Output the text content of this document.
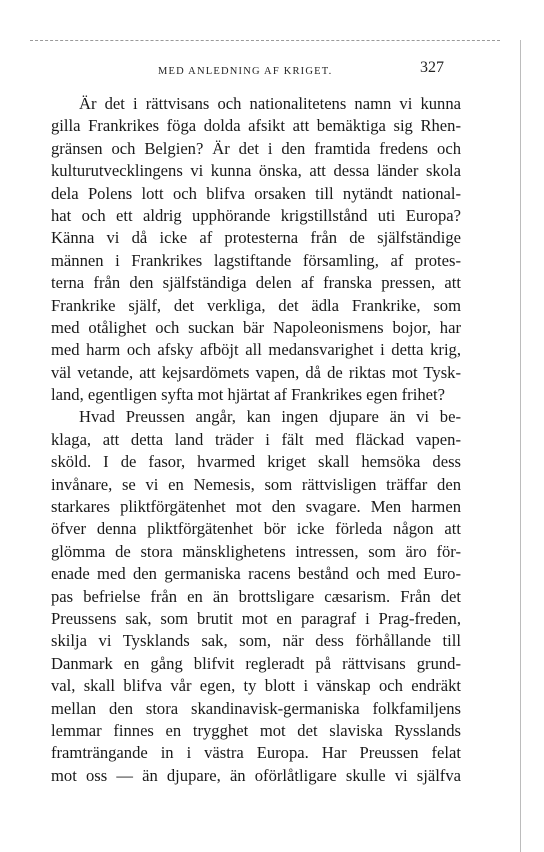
MED ANLEDNING AF KRIGET.	327
Är det i rättvisans och nationalitetens namn vi kunna
gilla Frankrikes föga dolda afsikt att bemäktiga sig Rhen-
gränsen och Belgien? Är det i den framtida fredens och
kulturutvecklingens vi kunna önska, att dessa länder skola
dela Polens lott och blifva orsaken till nytändt national-
hat och ett aldrig upphörande krigstillstånd uti Europa?
Känna vi då icke af protesterna från de själfständige
männen i Frankrikes lagstiftande församling, af protes-
terna från den själfständiga delen af franska pressen, att
Frankrike själf, det verkliga, det ädla Frankrike, som
med otålighet och suckan bär Napoleonismens bojor, har
med harm och afsky afböjt all medansvarighet i detta krig,
väl vetande, att kejsardömets vapen, då de riktas mot Tysk-
land, egentligen syfta mot hjärtat af Frankrikes egen frihet?
Hvad Preussen angår, kan ingen djupare än vi be-
klaga, att detta land träder i fält med fläckad vapen-
sköld. I de fasor, hvarmed kriget skall hemsöka dess
invånare, se vi en Nemesis, som rättvisligen träffar den
starkares pliktförgätenhet mot den svagare. Men harmen
öfver denna pliktförgätenhet bör icke förleda någon att
glömma de stora mänsklighetens intressen, som äro för-
enade med den germaniska racens bestånd och med Euro-
pas befrielse från en än brottsligare cæsarism. Från det
Preussens sak, som brutit mot en paragraf i Prag-freden,
skilja vi Tysklands sak, som, när dess förhållande till
Danmark en gång blifvit regleradt på rättvisans grund-
val, skall blifva vår egen, ty blott i vänskap och endräkt
mellan den stora skandinavisk-germaniska folkfamiljens
lemmar finnes en trygghet mot det slaviska Rysslands
framträngande in i västra Europa. Har Preussen felat
mot oss — än djupare, än oförlåtligare skulle vi själfva
